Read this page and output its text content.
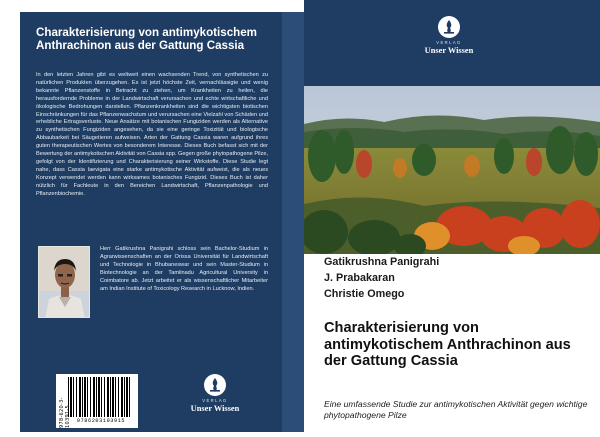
Charakterisierung von antimykotischem Anthrachinon aus der Gattung Cassia
In den letzten Jahren gibt es weltweit einen wachsenden Trend, von synthetischen zu natürlichen Produkten überzugehen. Es ist jetzt höchste Zeit, vernachlässigte und wenig bekannte Pflanzenstoffe in Betracht zu ziehen, um Krankheiten zu heilen, die herausfordernde Probleme in der Landwirtschaft verursachen und echte wirtschaftliche und ökologische Bedrohungen darstellen. Pflanzenkrankheiten sind die wichtigsten biotischen Einschränkungen für das Pflanzenwachstum und verursachen eine Vielzahl von Schäden und erhebliche Ertragsverluste. Neue Ansätze mit botanischen Fungiziden werden als Alternative zu synthetischen Fungiziden angesehen, da sie eine geringe Toxizität und biologische Abbaubarkeit bei Säugetieren aufweisen. Arten der Gattung Cassia waren aufgrund ihres guten therapeutischen Wertes von besonderem Interesse. Dieses Buch befasst sich mit der Bewertung der antimykotischen Aktivität von Cassia spp. Gegen große phytopathogene Pilze, gefolgt von der Identifizierung und Charakterisierung seiner Wirkstoffe. Diese Studie legt nahe, dass Cassia laevigata eine starke antimykotische Aktivität aufweist, die als neues Konzept verwendet werden kann wirksames botanisches Fungizid. Dieses Buch ist daher nützlich für Fachleute in den Bereichen Landwirtschaft, Pflanzenpathologie und Pflanzenbiochemie.
Herr Gatikrushna Panigrahi schloss sein Bachelor-Studium in Agrarwissenschaften an der Orissa Universität für Landwirtschaft und Technologie in Bhubaneswar und sein Master-Studium in Biotechnologie an der Tamilnadu Agricultural University in Coimbatore ab. Jetzt arbeitet er als wissenschaftlicher Mitarbeiter am Indian Institute of Toxicology Research in Lucknow, Indien.
978-620-3-10391-5	9786203103915
VERLAG
Unser Wissen
VERLAG
Unser Wissen
Gatikrushna Panigrahi
J. Prabakaran
Christie Omego
Charakterisierung von antimykotischem Anthrachinon aus der Gattung Cassia
Eine umfassende Studie zur antimykotischen Aktivität gegen wichtige phytopathogene Pilze
